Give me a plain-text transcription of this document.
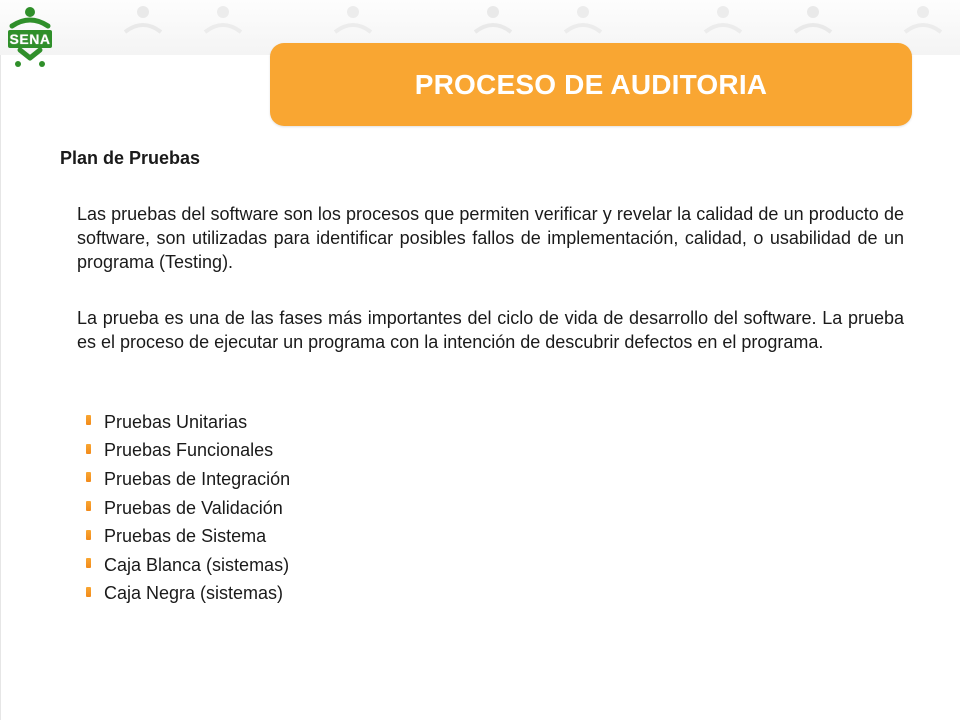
SENA
PROCESO DE AUDITORIA
Plan de Pruebas
Las pruebas del software son los procesos que permiten verificar y revelar la calidad de un producto de software, son utilizadas para identificar posibles fallos de implementación, calidad, o usabilidad de un programa (Testing).
La prueba es una de las fases más importantes del ciclo de vida de desarrollo del software. La prueba es el proceso de ejecutar un programa con la intención de descubrir defectos en el programa.
Pruebas Unitarias
Pruebas Funcionales
Pruebas de Integración
Pruebas de Validación
Pruebas de Sistema
Caja Blanca (sistemas)
Caja Negra (sistemas)
